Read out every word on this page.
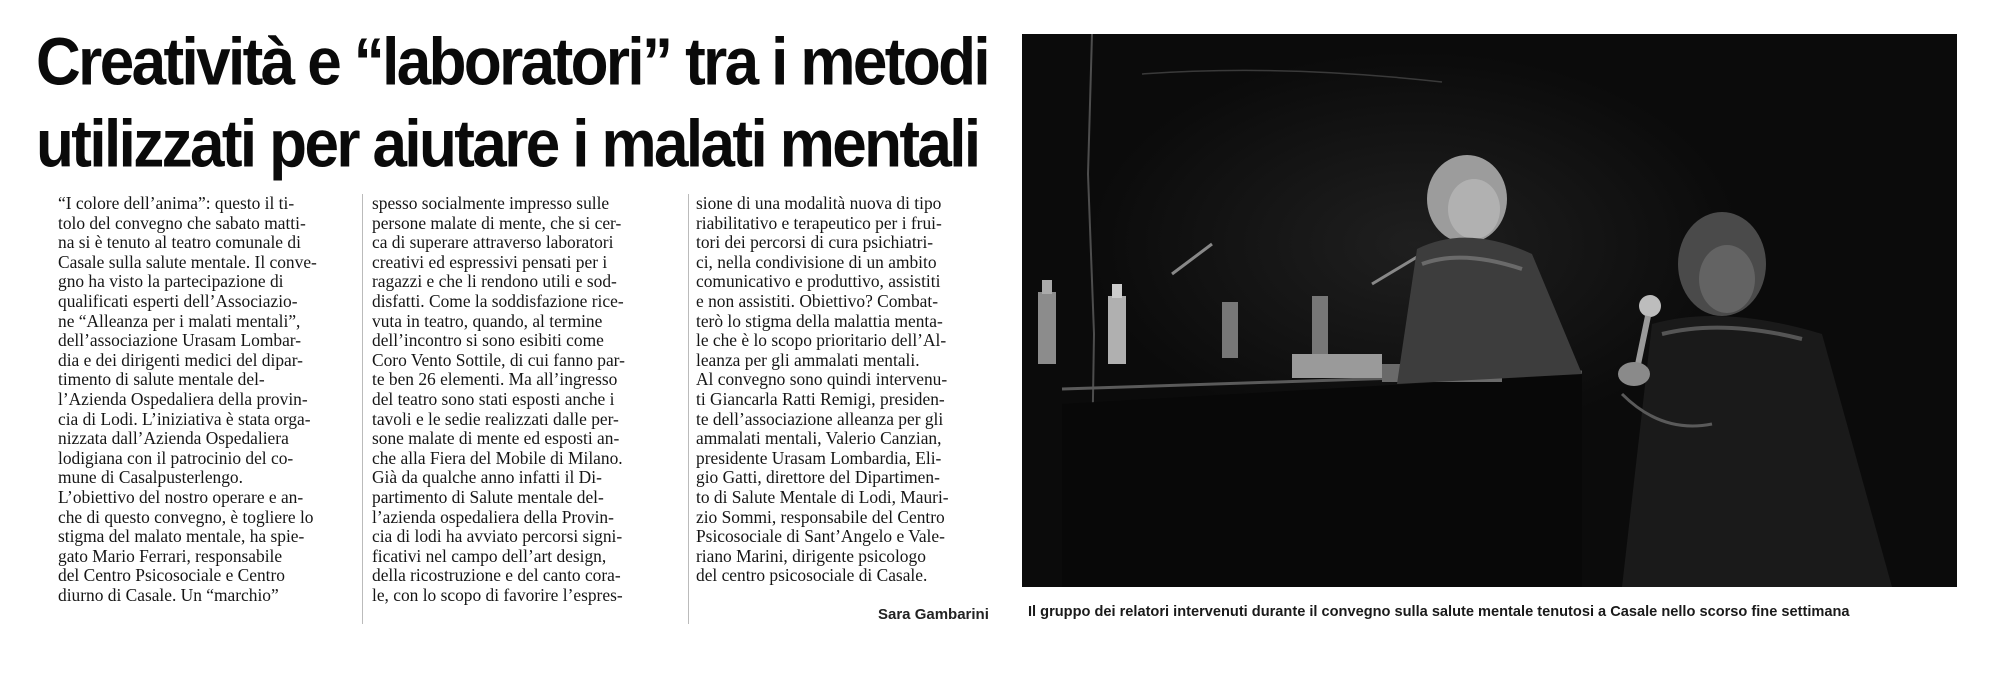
Creatività e “laboratori” tra i metodi
utilizzati per aiutare i malati mentali

“I colore dell’anima”: questo il ti-

tolo del convegno che sabato matti-

na si è tenuto al teatro comunale di

Casale sulla salute mentale. Il conve-

gno ha visto la partecipazione di

qualificati esperti dell’Associazio-

ne “Alleanza per i malati mentali”,

dell’associazione Urasam Lombar-

dia e dei dirigenti medici del dipar-

timento di salute mentale del-

l’Azienda Ospedaliera della provin-

cia di Lodi. L’iniziativa è stata orga-

nizzata dall’Azienda Ospedaliera

lodigiana con il patrocinio del co-

mune di Casalpusterlengo.

L’obiettivo del nostro operare e an-

che di questo convegno, è togliere lo

stigma del malato mentale, ha spie-

gato Mario Ferrari, responsabile

del Centro Psicosociale e Centro

diurno di Casale. Un “marchio”

spesso socialmente impresso sulle

persone malate di mente, che si cer-

ca di superare attraverso laboratori

creativi ed espressivi pensati per i

ragazzi e che li rendono utili e sod-

disfatti. Come la soddisfazione rice-

vuta in teatro, quando, al termine

dell’incontro si sono esibiti come

Coro Vento Sottile, di cui fanno par-

te ben 26 elementi. Ma all’ingresso

del teatro sono stati esposti anche i

tavoli e le sedie realizzati dalle per-

sone malate di mente ed esposti an-

che alla Fiera del Mobile di Milano.

Già da qualche anno infatti il Di-

partimento di Salute mentale del-

l’azienda ospedaliera della Provin-

cia di lodi ha avviato percorsi signi-

ficativi nel campo dell’art design,

della ricostruzione e del canto cora-

le, con lo scopo di favorire l’espres-

sione di una modalità nuova di tipo

riabilitativo e terapeutico per i frui-

tori dei percorsi di cura psichiatri-

ci, nella condivisione di un ambito

comunicativo e produttivo, assistiti

e non assistiti. Obiettivo? Combat-

terò lo stigma della malattia menta-

le che è lo scopo prioritario dell’Al-

leanza per gli ammalati mentali.

Al convegno sono quindi intervenu-

ti Giancarla Ratti Remigi, presiden-

te dell’associazione alleanza per gli

ammalati mentali, Valerio Canzian,

presidente Urasam Lombardia, Eli-

gio Gatti, direttore del Dipartimen-

to di Salute Mentale di Lodi, Mauri-

zio Sommi, responsabile del Centro

Psicosociale di Sant’Angelo e Vale-

riano Marini, dirigente psicologo

del centro psicosociale di Casale.

Sara Gambarini	Il gruppo dei relatori intervenuti durante il convegno sulla salute mentale tenutosi a Casale nello scorso fine settimana
